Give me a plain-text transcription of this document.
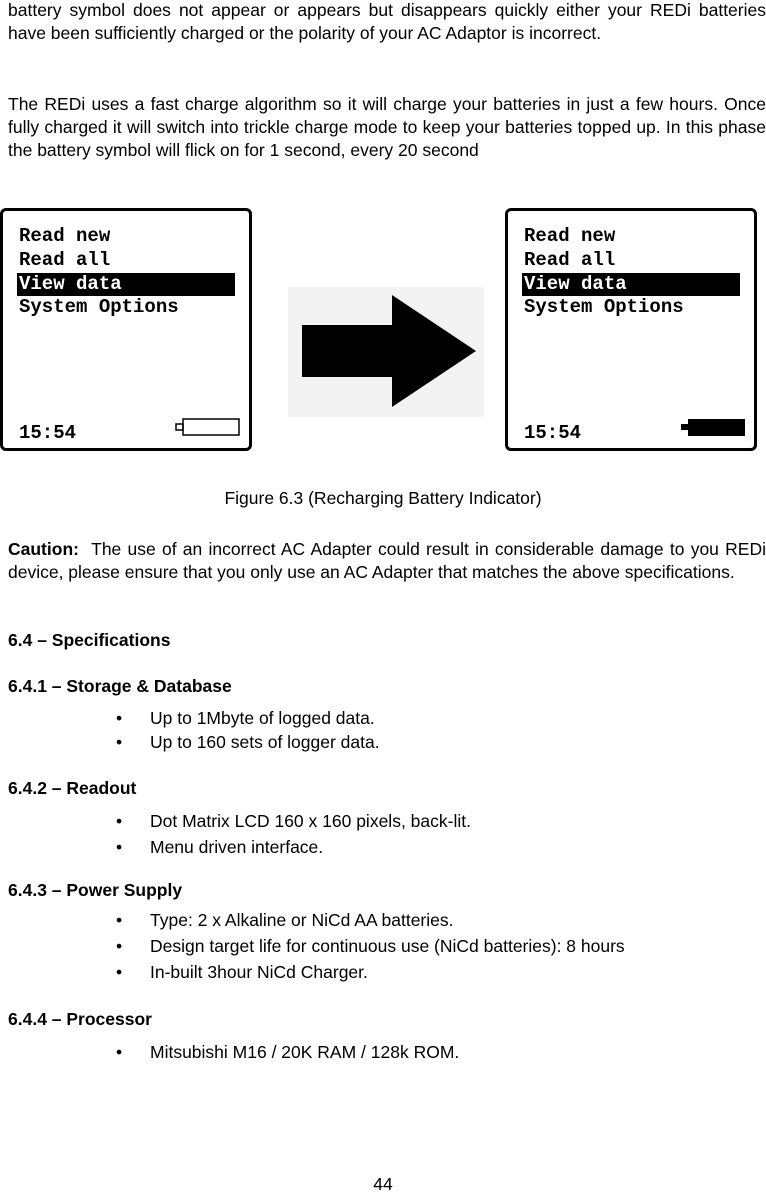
battery symbol does not appear or appears but disappears quickly either your REDi batteries have been sufficiently charged or the polarity of your AC Adaptor is incorrect.

The REDi uses a fast charge algorithm so it will charge your batteries in just a few hours. Once fully charged it will switch into trickle charge mode to keep your batteries topped up. In this phase the battery symbol will flick on for 1 second, every 20 second

Read new
Read all
View data
System Options
15:54
Read new
Read all
View data
System Options
15:54
Figure 6.3 (Recharging Battery Indicator)

Caution: The use of an incorrect AC Adapter could result in considerable damage to you REDi device, please ensure that you only use an AC Adapter that matches the above specifications.

6.4 – Specifications
6.4.1 – Storage & Database
• Up to 1Mbyte of logged data.
• Up to 160 sets of logger data.
6.4.2 – Readout
• Dot Matrix LCD 160 x 160 pixels, back-lit.
• Menu driven interface.
6.4.3 – Power Supply
• Type: 2 x Alkaline or NiCd AA batteries.
• Design target life for continuous use (NiCd batteries): 8 hours
• In-built 3hour NiCd Charger.
6.4.4 – Processor
• Mitsubishi M16 / 20K RAM / 128k ROM.
44
